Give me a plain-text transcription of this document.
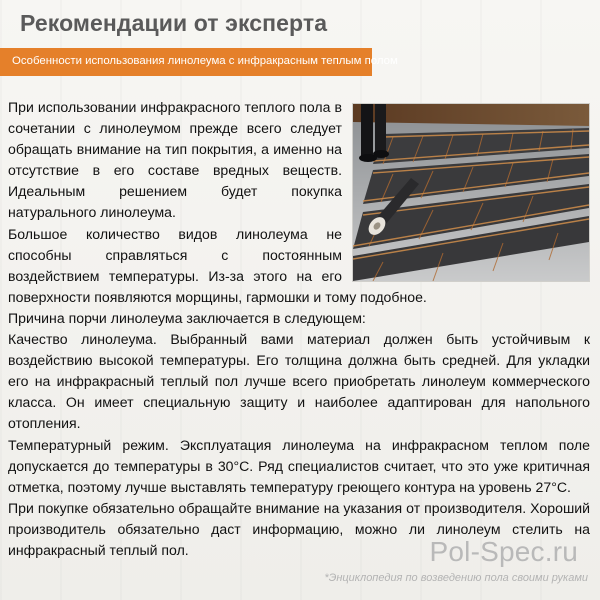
Рекомендации от эксперта
Особенности использования линолеума с инфракрасным теплым полом

При использовании инфракрасного теплого пола в сочетании с линолеумом прежде всего следует обращать внимание на тип покрытия, а именно на отсутствие в его составе вредных веществ. Идеальным решением будет покупка натурального линолеума.

Большое количество видов линолеума не способны справляться с постоянным воздействием температуры. Из-за этого на его поверхности появляются морщины, гармошки и тому подобное.

Причина порчи линолеума заключается в следующем:

Качество линолеума. Выбранный вами материал должен быть устойчивым к воздействию высокой температуры. Его толщина должна быть средней. Для укладки его на инфракрасный теплый пол лучше всего приобретать линолеум коммерческого класса. Он имеет специальную защиту и наиболее адаптирован для напольного отопления.

Температурный режим. Эксплуатация линолеума на инфракрасном теплом поле допускается до температуры в 30°С. Ряд специалистов считает, что это уже критичная отметка, поэтому лучше выставлять температуру греющего контура на уровень 27°С.

При покупке обязательно обращайте внимание на указания от производителя. Хороший производитель обязательно даст информацию, можно ли линолеум стелить на инфракрасный теплый пол.	Pol-Spec.ru
*Энциклопедия по возведению пола своими руками
